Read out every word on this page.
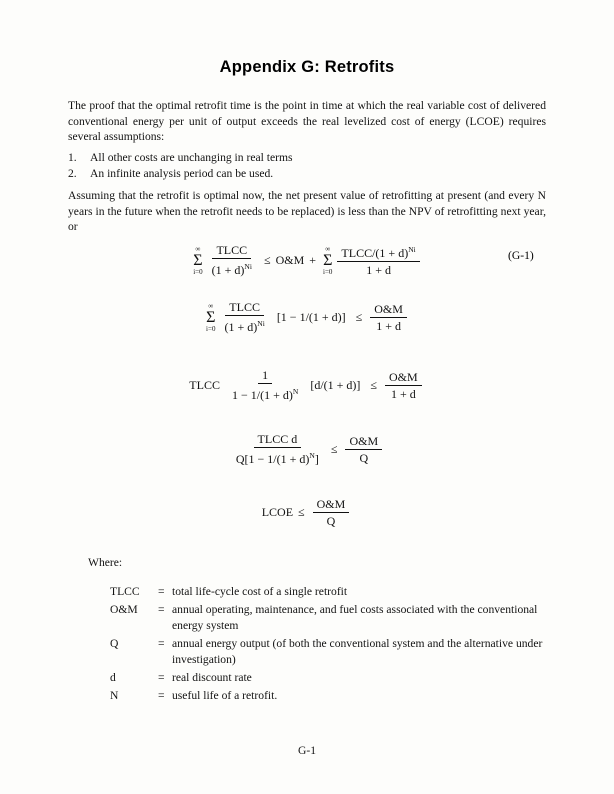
Appendix G: Retrofits
The proof that the optimal retrofit time is the point in time at which the real variable cost of delivered conventional energy per unit of output exceeds the real levelized cost of energy (LCOE) requires several assumptions:
1.	All other costs are unchanging in real terms
2.	An infinite analysis period can be used.
Assuming that the retrofit is optimal now, the net present value of retrofitting at present (and every N years in the future when the retrofit needs to be replaced) is less than the NPV of retrofitting next year, or
∞
Σ
$i=0 \frac{\text{TLCC}}{(1 + d)^{Ni}}$ ≤ O&M +
∞
Σ
$i=0 \frac{TLCC/(1 + d)^{Ni}}{1 + d}$	(G-1)
∞
Σ
$i=0 \frac{\text{TLCC}}{(1 + d)^{Ni}} [1 - 1/(1 + d)] \le \frac{O\&M}{1 + d}$
TLCC $\frac{1}{1 - 1/(1 + d)^N} [d/(1 + d)] \le \frac{O\&M}{1 + d}$
$\frac{\text{TLCC d}}{Q[1 - 1/(1 + d)^N]} \le \frac{O\&M}{Q}$
LCOE ≤ $\frac{O\&M}{Q}$
Where:
TLCC	= total life-cycle cost of a single retrofit
O&M	= annual operating, maintenance, and fuel costs associated with the conventional energy system
Q	= annual energy output (of both the conventional system and the alternative under investigation)
d	= real discount rate
N	= useful life of a retrofit.
G-1
